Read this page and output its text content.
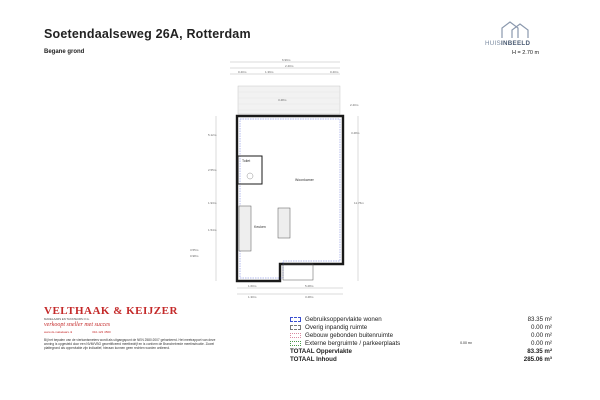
Soetendaalseweg 26A, Rotterdam
Begane grond
HUISINBEELD
H = 2.70 m
6.99m
2.40m
0.40m	1.39m	0.40m
3.48m
Toilet
Keuken
Woonkamer
5.12m
2.55m
1.93m
1.54m
3.55m
0.98m
2.40m
3.48m
11.76m
1.60m	5.28m
1.30m	3.48m
VELTHAAK & KEIJZER
MAKELAARS EN TAXATEURS O.G.
verkoopt sneller met succes
www.vk-makelaars.nl	010-123 4560
Bij het bepalen van de vierkantsmeters wordt als uitgangspunt de NEN 2580:2007 gehanteerd. Het meetrapport van deze woning is opgesteld door een NVM/VBO gecertificeerd meetbedrijf en is conform de Branchebrede meetinstructie. Zowel plattegrond als oppervlakte zijn indicatief, hieraan kunnen geen rechten worden ontleend.
Gebruiksoppervlakte wonen	83.35 m²
Overig inpandig ruimte	0.00 m²
Gebouw gebonden buitenruimte	0.00 m²
Externe bergruimte / parkeerplaats	0.00 m²	0.00 m²
TOTAAL Oppervlakte	83.35 m²
TOTAAL Inhoud	285.06 m³
